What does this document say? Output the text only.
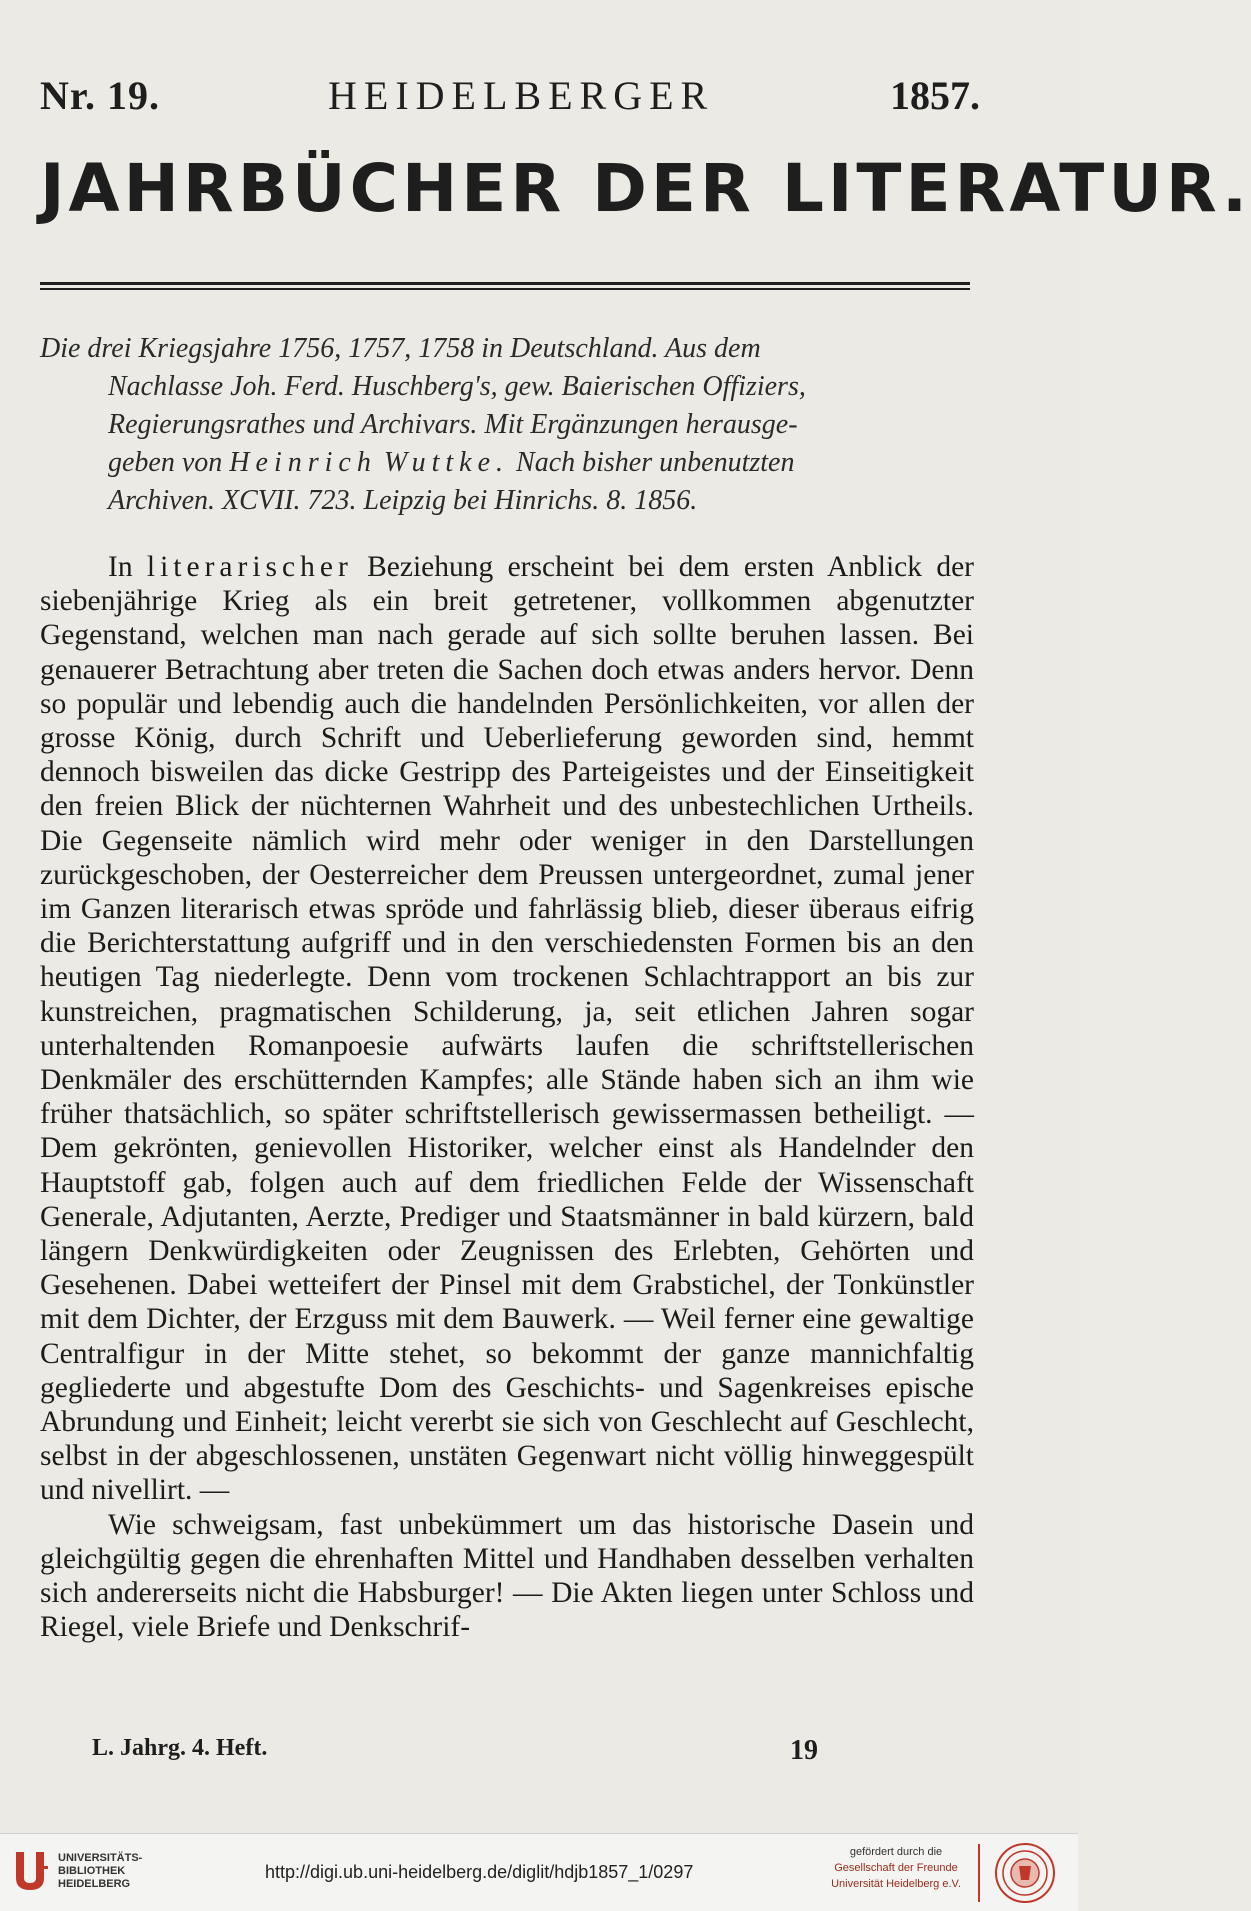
Nr. 19.	HEIDELBERGER	1857.
JAHRBÜCHER DER LITERATUR.
Die drei Kriegsjahre 1756, 1757, 1758 in Deutschland. Aus dem
Nachlasse Joh. Ferd. Huschberg's, gew. Baierischen Offiziers,
Regierungsrathes und Archivars. Mit Ergänzungen herausge-
geben von Heinrich Wuttke. Nach bisher unbenutzten
Archiven. XCVII. 723. Leipzig bei Hinrichs. 8. 1856.

In literarischer Beziehung erscheint bei dem ersten Anblick der siebenjährige Krieg als ein breit getretener, vollkommen abgenutzter Gegenstand, welchen man nach gerade auf sich sollte beruhen lassen. Bei genauerer Betrachtung aber treten die Sachen doch etwas anders hervor. Denn so populär und lebendig auch die handelnden Persönlichkeiten, vor allen der grosse König, durch Schrift und Ueberlieferung geworden sind, hemmt dennoch bisweilen das dicke Gestripp des Parteigeistes und der Einseitigkeit den freien Blick der nüchternen Wahrheit und des unbestechlichen Urtheils. Die Gegenseite nämlich wird mehr oder weniger in den Darstellungen zurückgeschoben, der Oesterreicher dem Preussen untergeordnet, zumal jener im Ganzen literarisch etwas spröde und fahrlässig blieb, dieser überaus eifrig die Berichterstattung aufgriff und in den verschiedensten Formen bis an den heutigen Tag niederlegte. Denn vom trockenen Schlachtrapport an bis zur kunstreichen, pragmatischen Schilderung, ja, seit etlichen Jahren sogar unterhaltenden Romanpoesie aufwärts laufen die schriftstellerischen Denkmäler des erschütternden Kampfes; alle Stände haben sich an ihm wie früher thatsächlich, so später schriftstellerisch gewissermassen betheiligt. — Dem gekrönten, genievollen Historiker, welcher einst als Handelnder den Hauptstoff gab, folgen auch auf dem friedlichen Felde der Wissenschaft Generale, Adjutanten, Aerzte, Prediger und Staatsmänner in bald kürzern, bald längern Denkwürdigkeiten oder Zeugnissen des Erlebten, Gehörten und Gesehenen. Dabei wetteifert der Pinsel mit dem Grabstichel, der Tonkünstler mit dem Dichter, der Erzguss mit dem Bauwerk. — Weil ferner eine gewaltige Centralfigur in der Mitte stehet, so bekommt der ganze mannichfaltig gegliederte und abgestufte Dom des Geschichts- und Sagenkreises epische Abrundung und Einheit; leicht vererbt sie sich von Geschlecht auf Geschlecht, selbst in der abgeschlossenen, unstäten Gegenwart nicht völlig hinweggespült und nivellirt. —

Wie schweigsam, fast unbekümmert um das historische Dasein und gleichgültig gegen die ehrenhaften Mittel und Handhaben desselben verhalten sich andererseits nicht die Habsburger! — Die Akten liegen unter Schloss und Riegel, viele Briefe und Denkschrif-

L. Jahrg. 4. Heft.	19
UNIVERSITÄTS-
BIBLIOTHEK
HEIDELBERG
http://digi.ub.uni-heidelberg.de/diglit/hdjb1857_1/0297
gefördert durch die
Gesellschaft der Freunde
Universität Heidelberg e.V.
